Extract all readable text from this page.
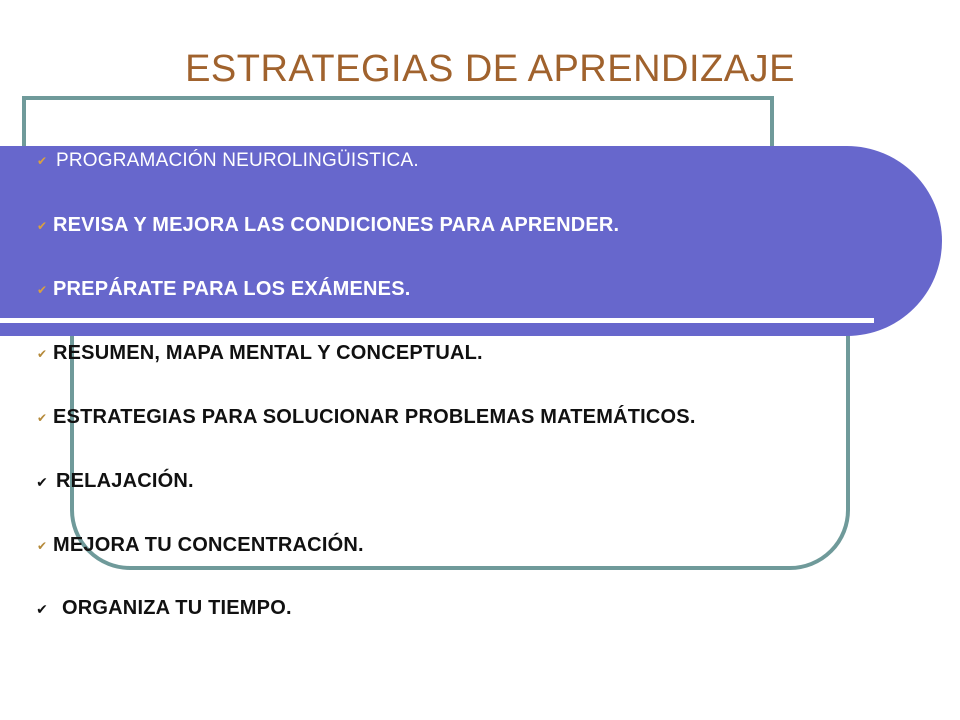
ESTRATEGIAS DE APRENDIZAJE
✔ PROGRAMACIÓN NEUROLINGÜISTICA.
✔ REVISA Y MEJORA LAS CONDICIONES PARA APRENDER.
✔ PREPÁRATE PARA LOS EXÁMENES.
✔ RESUMEN, MAPA MENTAL Y CONCEPTUAL.
✔ ESTRATEGIAS PARA SOLUCIONAR PROBLEMAS MATEMÁTICOS.
✔ RELAJACIÓN.
✔ MEJORA TU CONCENTRACIÓN.
✔ ORGANIZA TU TIEMPO.
